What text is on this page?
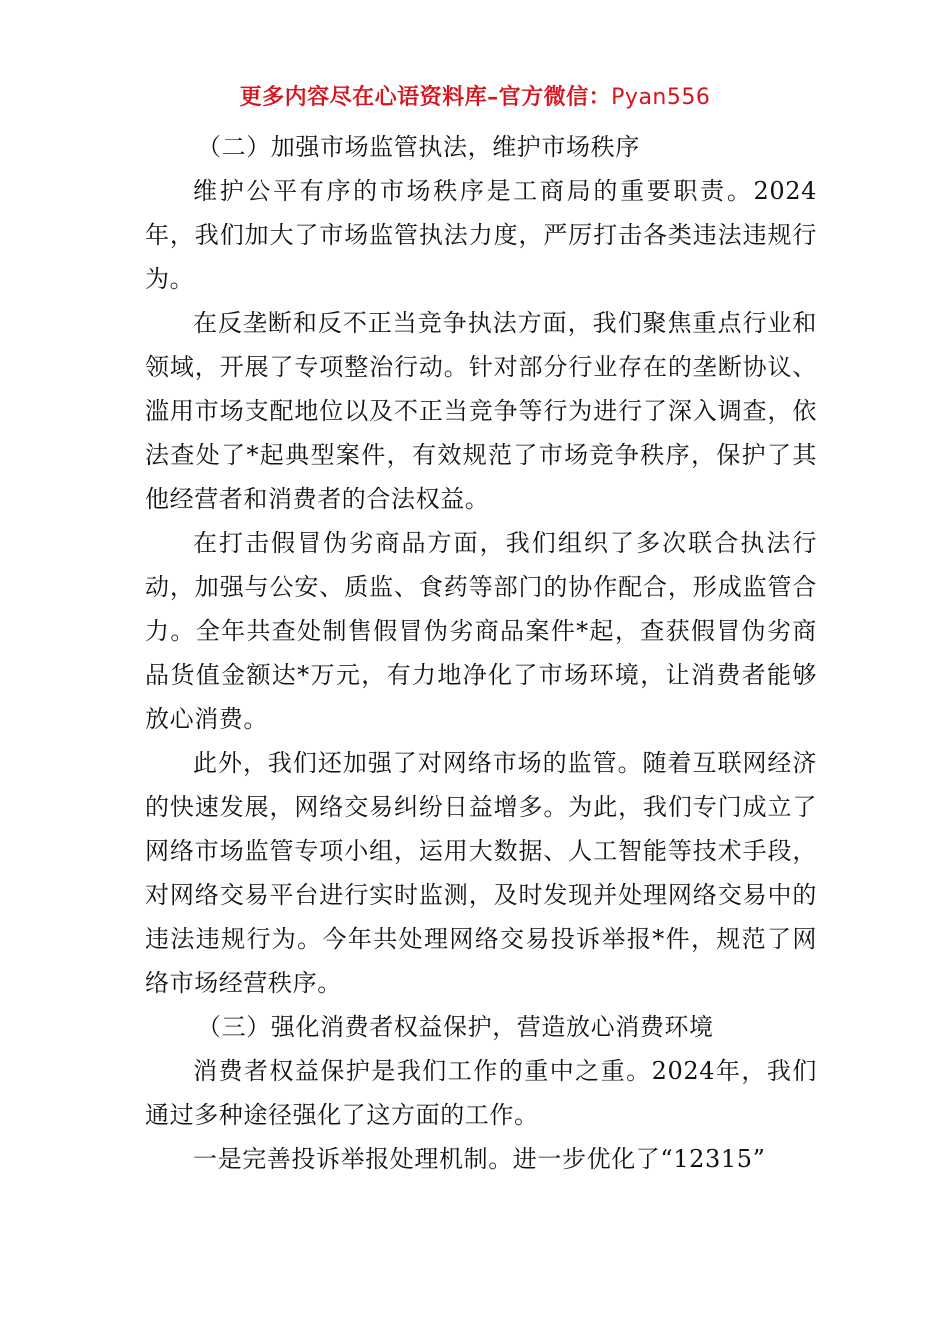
更多内容尽在心语资料库–官方微信：Pyan556

（二）加强市场监管执法，维护市场秩序

维护公平有序的市场秩序是工商局的重要职责。2024年，我们加大了市场监管执法力度，严厉打击各类违法违规行为。

在反垄断和反不正当竞争执法方面，我们聚焦重点行业和领域，开展了专项整治行动。针对部分行业存在的垄断协议、滥用市场支配地位以及不正当竞争等行为进行了深入调查，依法查处了*起典型案件，有效规范了市场竞争秩序，保护了其他经营者和消费者的合法权益。

在打击假冒伪劣商品方面，我们组织了多次联合执法行动，加强与公安、质监、食药等部门的协作配合，形成监管合力。全年共查处制售假冒伪劣商品案件*起，查获假冒伪劣商品货值金额达*万元，有力地净化了市场环境，让消费者能够放心消费。

此外，我们还加强了对网络市场的监管。随着互联网经济的快速发展，网络交易纠纷日益增多。为此，我们专门成立了网络市场监管专项小组，运用大数据、人工智能等技术手段，对网络交易平台进行实时监测，及时发现并处理网络交易中的违法违规行为。今年共处理网络交易投诉举报*件，规范了网络市场经营秩序。

（三）强化消费者权益保护，营造放心消费环境

消费者权益保护是我们工作的重中之重。2024年，我们通过多种途径强化了这方面的工作。

一是完善投诉举报处理机制。进一步优化了“12315”
